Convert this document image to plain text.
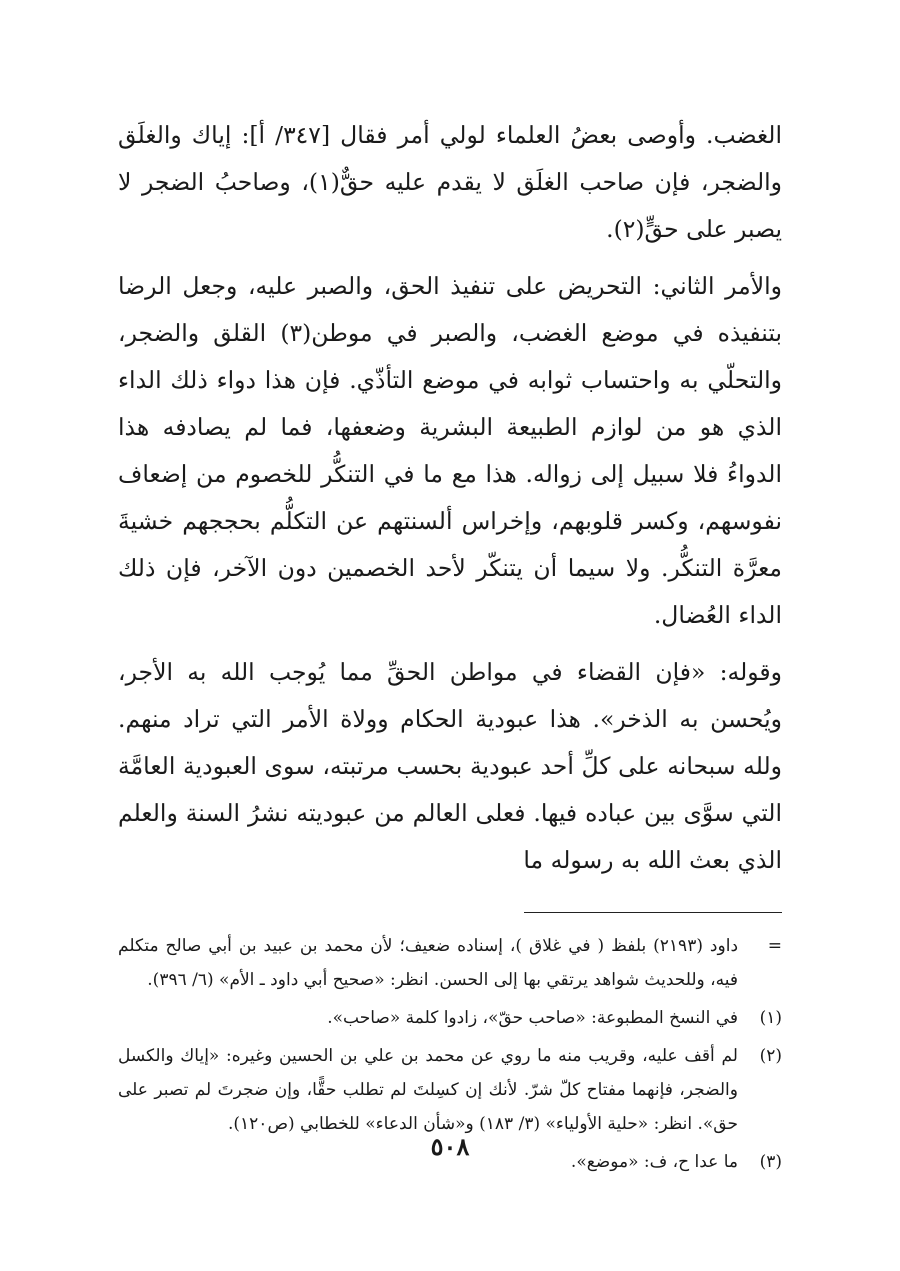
الغضب. وأوصى بعضُ العلماء لولي أمر فقال [٣٤٧/ أ]: إياك والغلَق والضجر، فإن صاحب الغلَق لا يقدم عليه حقٌّ(١)، وصاحبُ الضجر لا يصبر على حقٍّ(٢).

والأمر الثاني: التحريض على تنفيذ الحق، والصبر عليه، وجعل الرضا بتنفيذه في موضع الغضب، والصبر في موطن(٣) القلق والضجر، والتحلّي به واحتساب ثوابه في موضع التأذّي. فإن هذا دواء ذلك الداء الذي هو من لوازم الطبيعة البشرية وضعفها، فما لم يصادفه هذا الدواءُ فلا سبيل إلى زواله. هذا مع ما في التنكُّر للخصوم من إضعاف نفوسهم، وكسر قلوبهم، وإخراس ألسنتهم عن التكلُّم بحججهم خشيةَ معرَّة التنكُّر. ولا سيما أن يتنكّر لأحد الخصمين دون الآخر، فإن ذلك الداء العُضال.

وقوله: «فإن القضاء في مواطن الحقِّ مما يُوجب الله به الأجر، ويُحسن به الذخر». هذا عبودية الحكام وولاة الأمر التي تراد منهم. ولله سبحانه على كلِّ أحد عبودية بحسب مرتبته، سوى العبودية العامَّة التي سوَّى بين عباده فيها. فعلى العالم من عبوديته نشرُ السنة والعلم الذي بعث الله به رسوله ما

=
داود (٢١٩٣) بلفظ ( في غلاق )، إسناده ضعيف؛ لأن محمد بن عبيد بن أبي صالح متكلم فيه، وللحديث شواهد يرتقي بها إلى الحسن. انظر: «صحيح أبي داود ـ الأم» (٦/ ٣٩٦).
(١)
في النسخ المطبوعة: «صاحب حقّ»، زادوا كلمة «صاحب».
(٢)
لم أقف عليه، وقريب منه ما روي عن محمد بن علي بن الحسين وغيره: «إياك والكسل والضجر، فإنهما مفتاح كلّ شرّ. لأنك إن كسِلتَ لم تطلب حقًّا، وإن ضجرتَ لم تصبر على حق». انظر: «حلية الأولياء» (٣/ ١٨٣) و«شأن الدعاء» للخطابي (ص١٢٠).
(٣)
ما عدا ح، ف: «موضع».
٥٠٨
